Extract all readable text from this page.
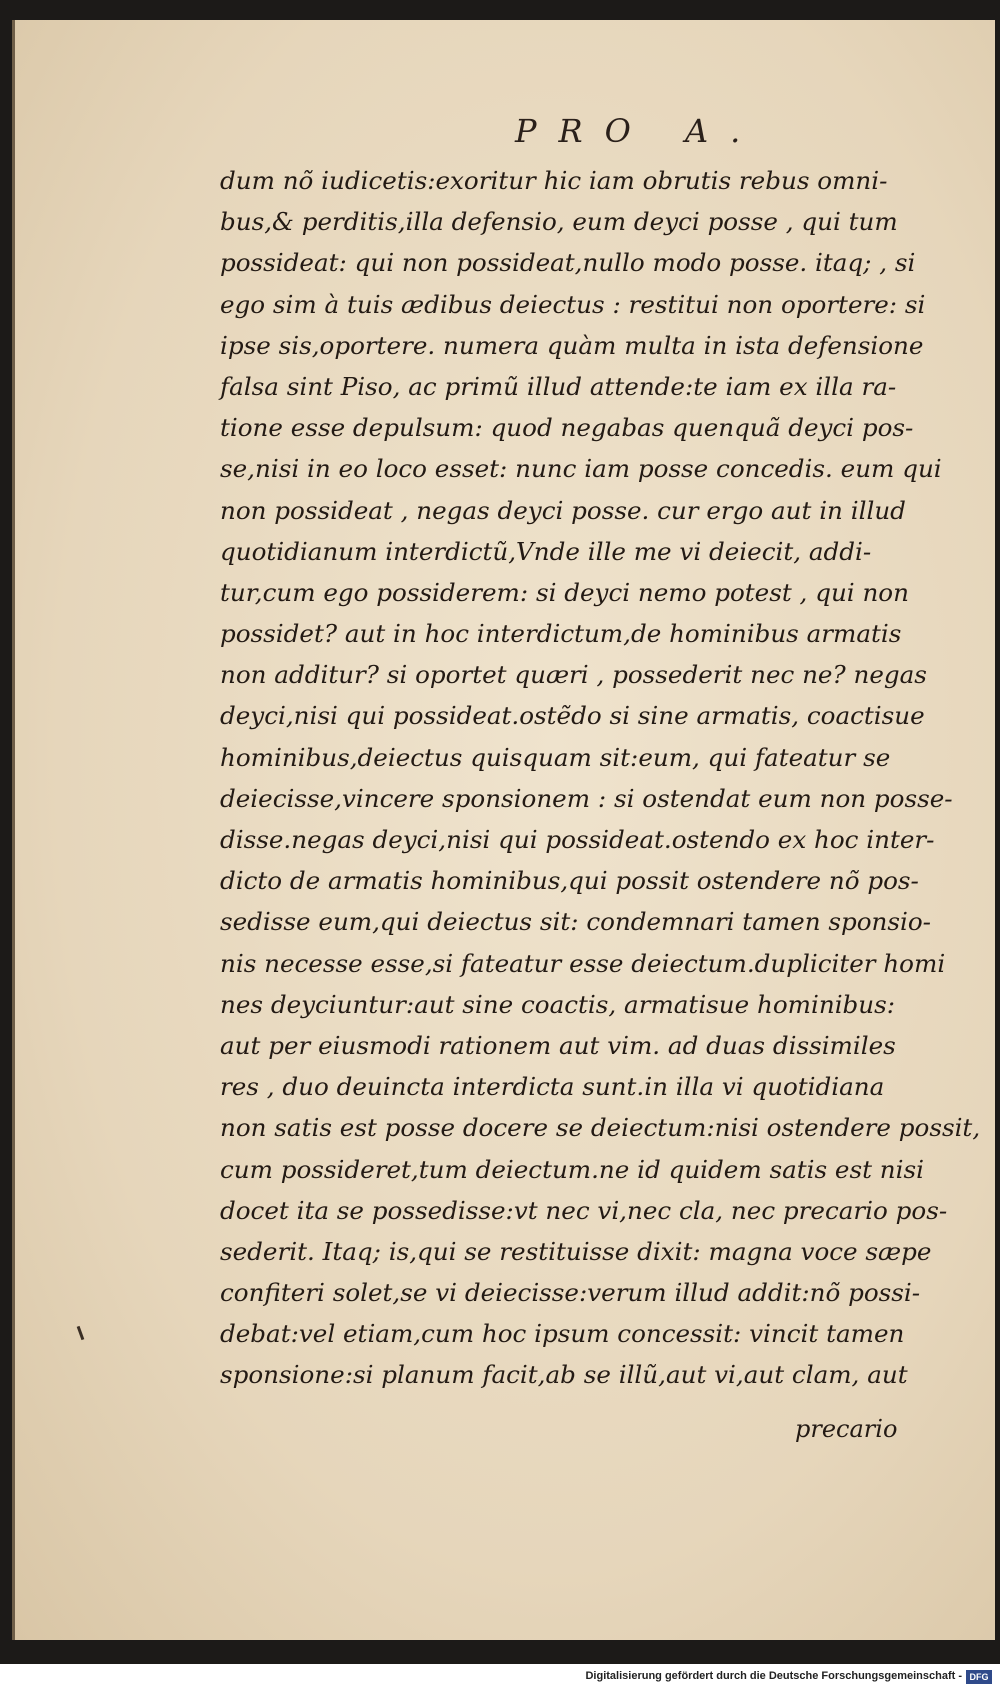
PRO A.
dum nõ iudicetis:exoritur hic iam obrutis rebus omni-
bus,& perditis,illa defensio, eum deyci posse , qui tum
possideat: qui non possideat,nullo modo posse. itaq; , si
ego sim à tuis ædibus deiectus : restitui non oportere: si
ipse sis,oportere. numera quàm multa in ista defensione
falsa sint Piso, ac primũ illud attende:te iam ex illa ra-
tione esse depulsum: quod negabas quenquã deyci pos-
se,nisi in eo loco esset: nunc iam posse concedis. eum qui
non possideat , negas deyci posse. cur ergo aut in illud
quotidianum interdictũ,Vnde ille me vi deiecit, addi-
tur,cum ego possiderem: si deyci nemo potest , qui non
possidet? aut in hoc interdictum,de hominibus armatis
non additur? si oportet quæri , possederit nec ne? negas
deyci,nisi qui possideat.ostẽdo si sine armatis, coactisue
hominibus,deiectus quisquam sit:eum, qui fateatur se
deiecisse,vincere sponsionem : si ostendat eum non posse-
disse.negas deyci,nisi qui possideat.ostendo ex hoc inter-
dicto de armatis hominibus,qui possit ostendere nõ pos-
sedisse eum,qui deiectus sit: condemnari tamen sponsio-
nis necesse esse,si fateatur esse deiectum.dupliciter homi
nes deyciuntur:aut sine coactis, armatisue hominibus:
aut per eiusmodi rationem aut vim. ad duas dissimiles
res , duo deuincta interdicta sunt.in illa vi quotidiana
non satis est posse docere se deiectum:nisi ostendere possit,
cum possideret,tum deiectum.ne id quidem satis est nisi
docet ita se possedisse:vt nec vi,nec cla, nec precario pos-
sederit. Itaq; is,qui se restituisse dixit: magna voce sæpe
confiteri solet,se vi deiecisse:verum illud addit:nõ possi-
debat:vel etiam,cum hoc ipsum concessit: vincit tamen
sponsione:si planum facit,ab se illũ,aut vi,aut clam, aut
precario
Digitalisierung gefördert durch die Deutsche Forschungsgemeinschaft - DFG
